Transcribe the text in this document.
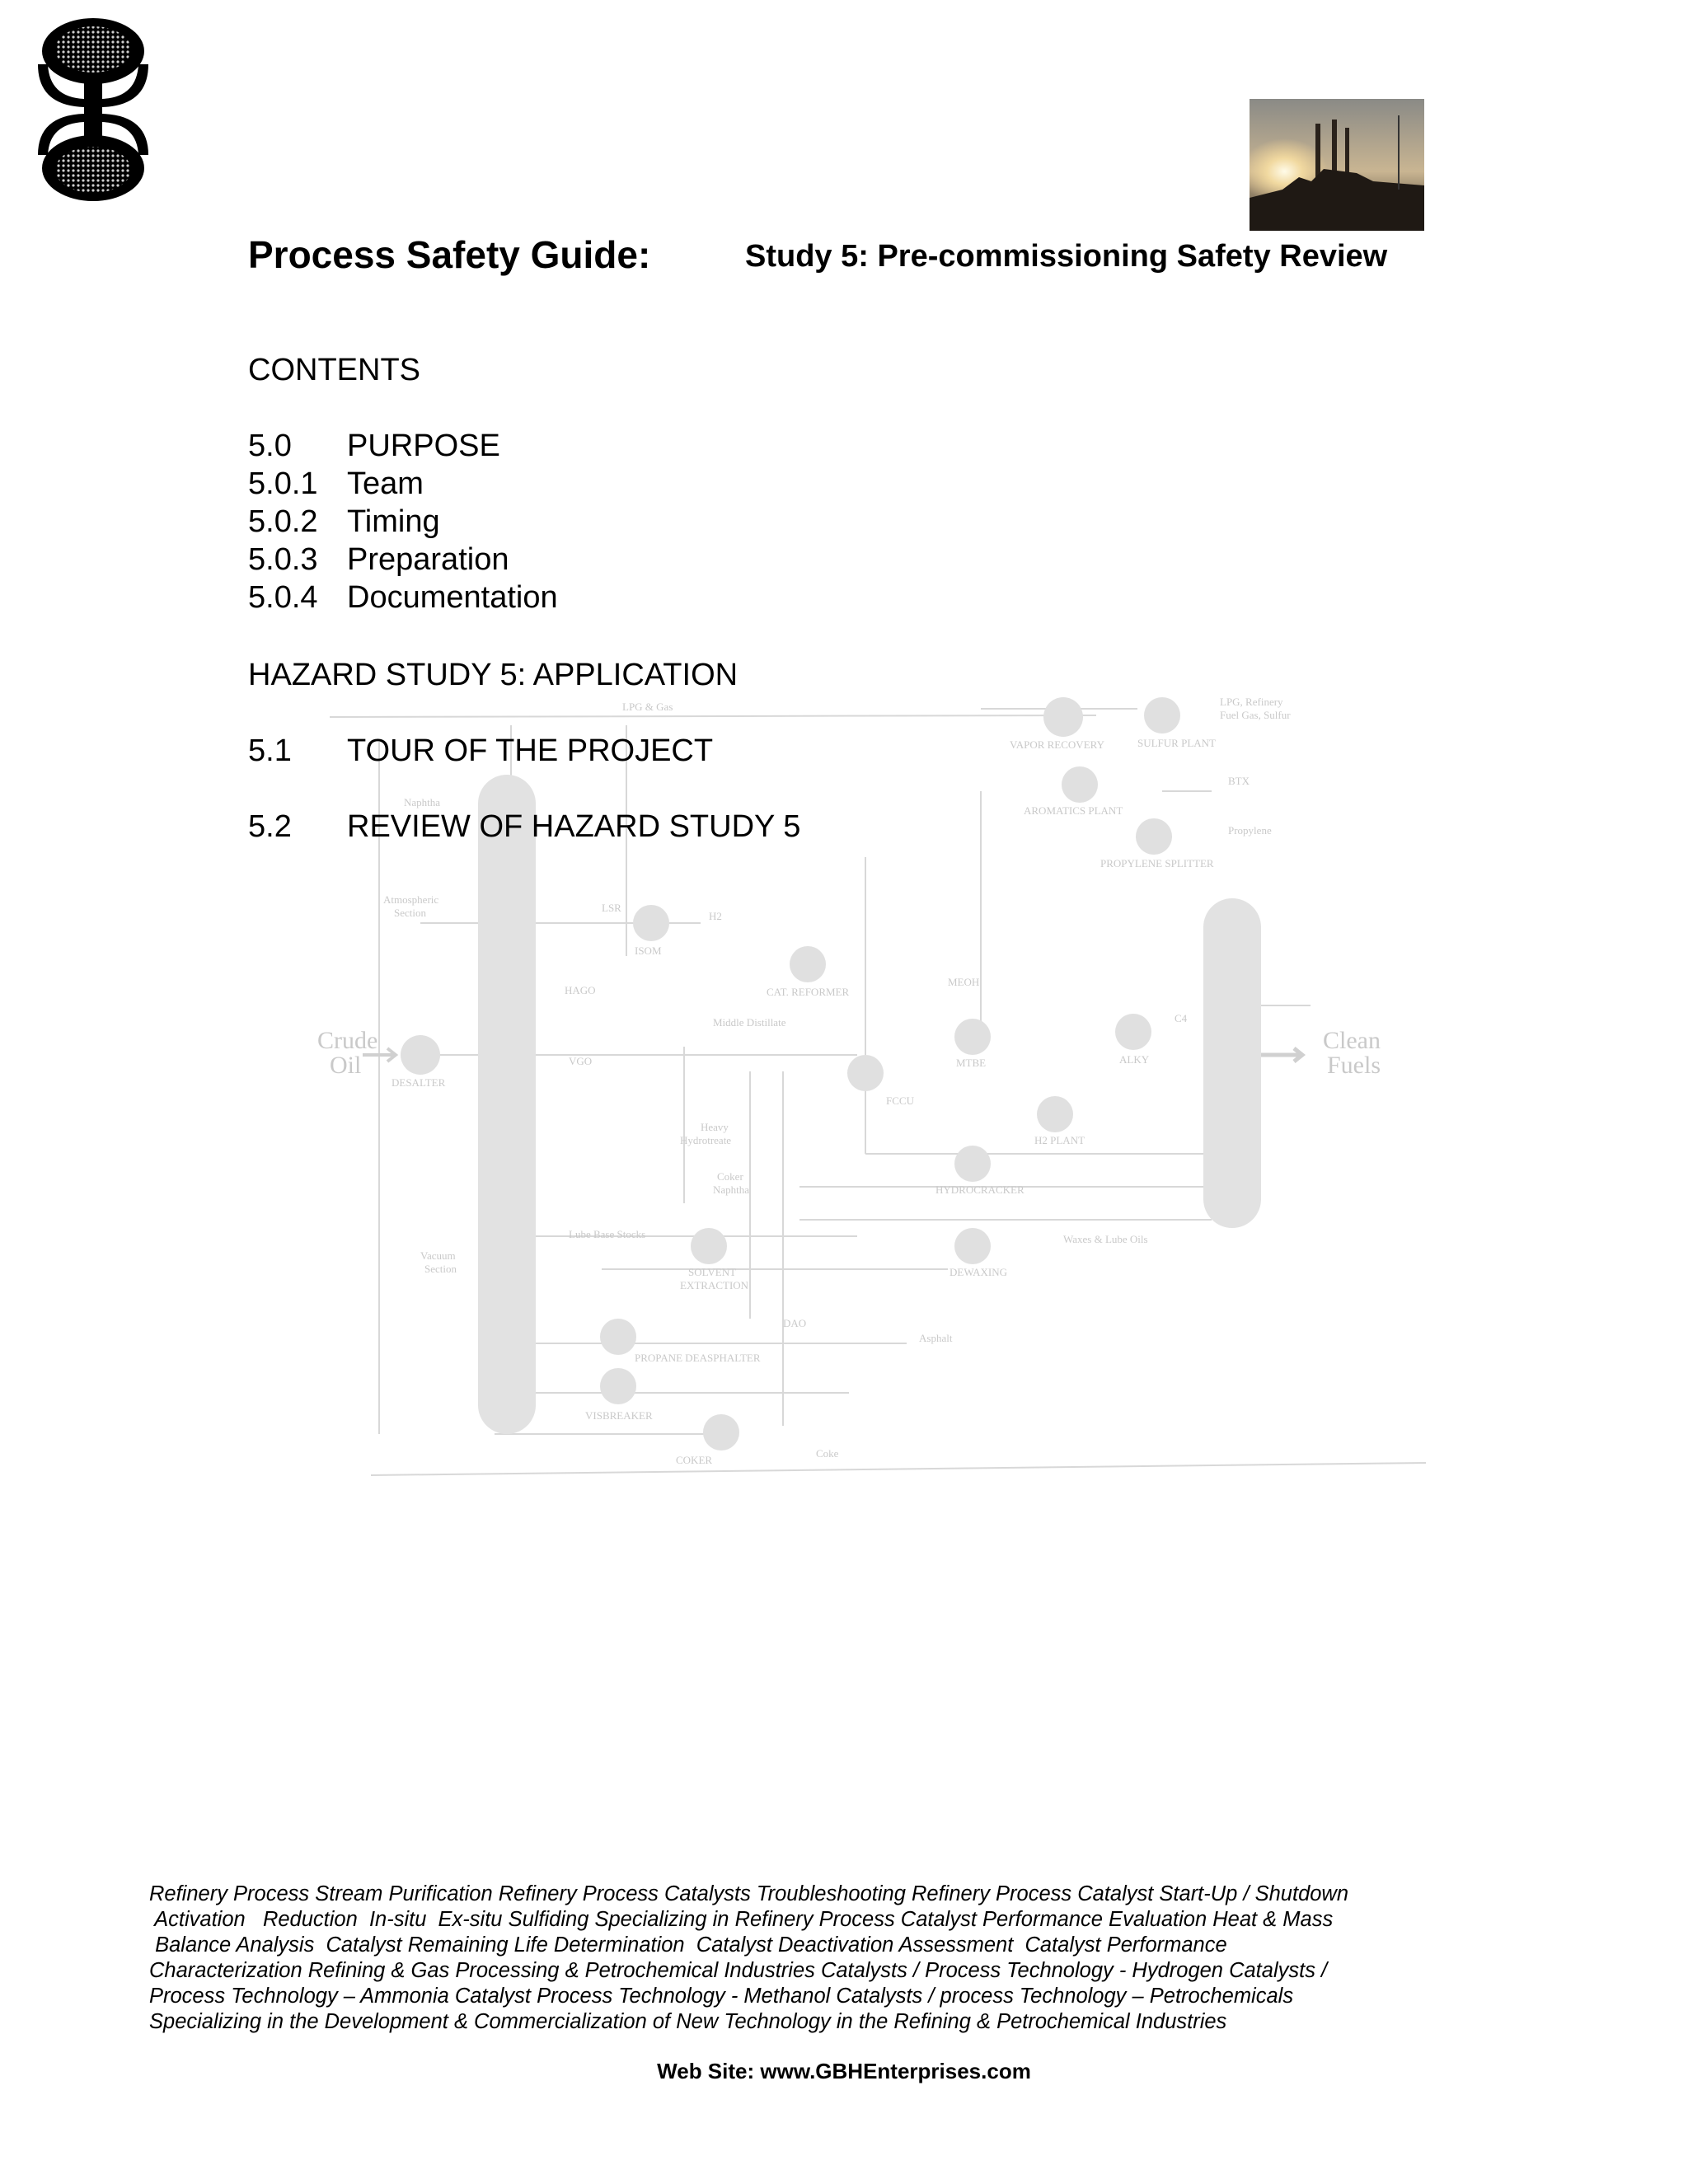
Process Safety Guide:	Study 5: Pre-commissioning Safety Review
Crude
Oil
Clean
Fuels
DESALTER
ISOM
CAT. REFORMER
VAPOR RECOVERY	SULFUR PLANT
AROMATICS PLANT
PROPYLENE SPLITTER
MTBE	ALKY
FCCU
H2 PLANT
HYDROCRACKER
DEWAXING
SOLVENT
EXTRACTION
PROPANE DEASPHALTER
VISBREAKER
COKER
LPG & Gas	LPG, Refinery
Fuel Gas, Sulfur
BTX
Propylene
LSR
H2
HAGO
VGO
Middle Distillate
MEOH
C4
Heavy
Hydrotreate
Coker
Naphtha
Lube Base Stocks	Waxes & Lube Oils
DAO
Asphalt
Coke
Naphtha
Atmospheric
Section
Vacuum
Section
CONTENTS
5.0 PURPOSE
5.0.1 Team
5.0.2 Timing
5.0.3 Preparation
5.0.4 Documentation
HAZARD STUDY 5: APPLICATION
5.1 TOUR OF THE PROJECT
5.2 REVIEW OF HAZARD STUDY 5
Refinery Process Stream Purification Refinery Process Catalysts Troubleshooting Refinery Process Catalyst Start-Up / Shutdown
Activation   Reduction  In-situ  Ex-situ Sulfiding Specializing in Refinery Process Catalyst Performance Evaluation Heat & Mass
Balance Analysis  Catalyst Remaining Life Determination  Catalyst Deactivation Assessment  Catalyst Performance
Characterization Refining & Gas Processing & Petrochemical Industries Catalysts / Process Technology - Hydrogen Catalysts /
Process Technology – Ammonia Catalyst Process Technology - Methanol Catalysts / process Technology – Petrochemicals
Specializing in the Development & Commercialization of New Technology in the Refining & Petrochemical Industries
Web Site: www.GBHEnterprises.com
